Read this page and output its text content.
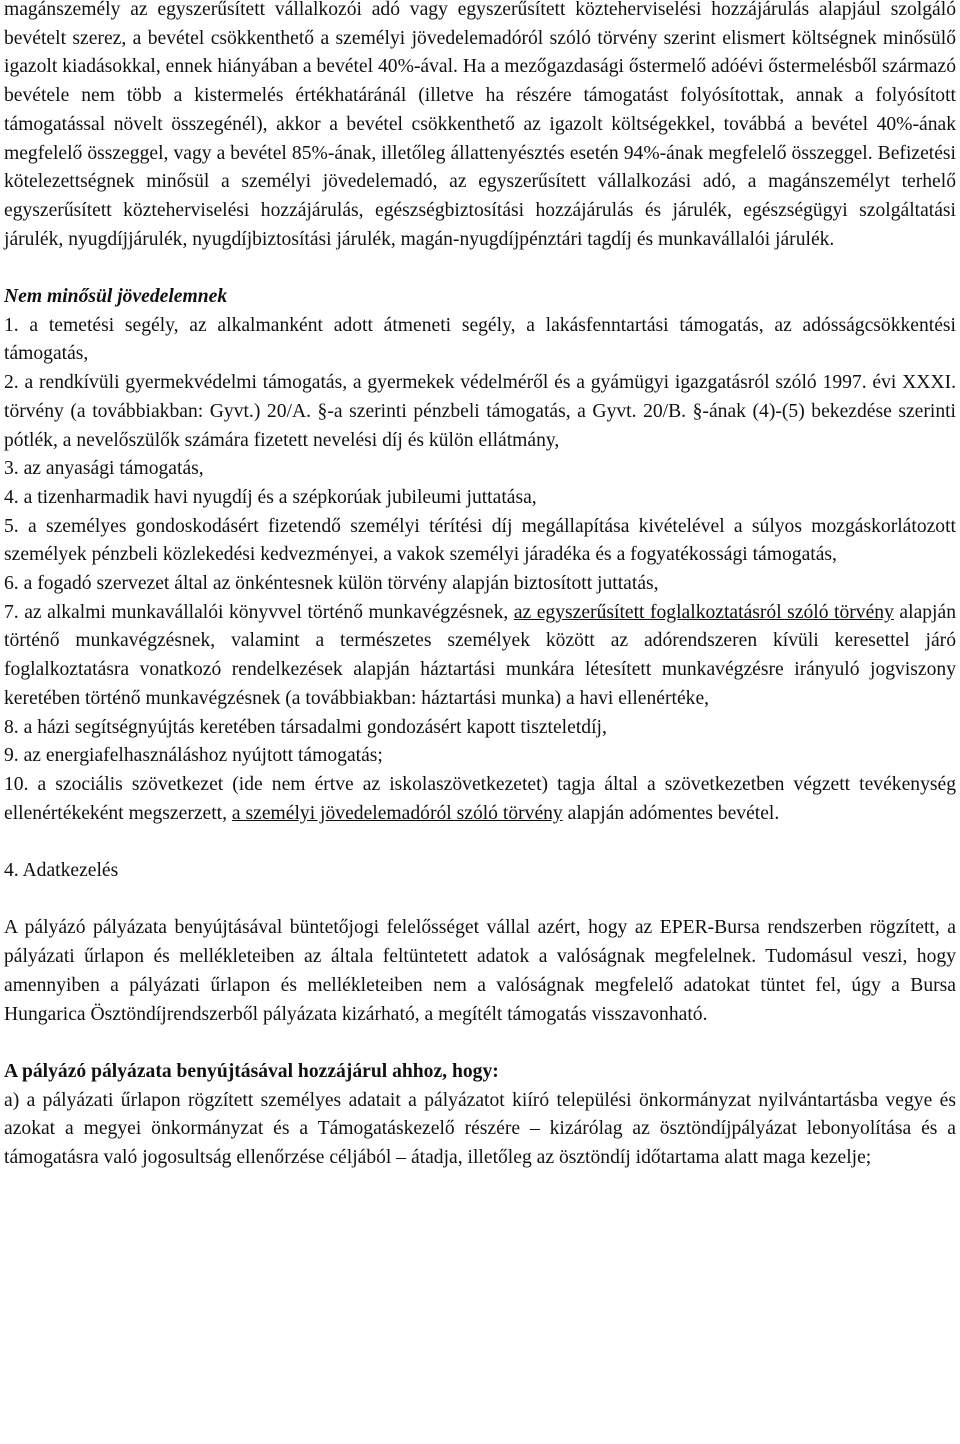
magánszemély az egyszerűsített vállalkozói adó vagy egyszerűsített közteherviselési hozzájárulás alapjául szolgáló bevételt szerez, a bevétel csökkenthető a személyi jövedelemadóról szóló törvény szerint elismert költségnek minősülő igazolt kiadásokkal, ennek hiányában a bevétel 40%-ával. Ha a mezőgazdasági őstermelő adóévi őstermelésből származó bevétele nem több a kistermelés értékhatáránál (illetve ha részére támogatást folyósítottak, annak a folyósított támogatással növelt összegénél), akkor a bevétel csökkenthető az igazolt költségekkel, továbbá a bevétel 40%-ának megfelelő összeggel, vagy a bevétel 85%-ának, illetőleg állattenyésztés esetén 94%-ának megfelelő összeggel. Befizetési kötelezettségnek minősül a személyi jövedelemadó, az egyszerűsített vállalkozási adó, a magánszemélyt terhelő egyszerűsített közteherviselési hozzájárulás, egészségbiztosítási hozzájárulás és járulék, egészségügyi szolgáltatási járulék, nyugdíjjárulék, nyugdíjbiztosítási járulék, magán-nyugdíjpénztári tagdíj és munkavállalói járulék.

Nem minősül jövedelemnek

1. a temetési segély, az alkalmanként adott átmeneti segély, a lakásfenntartási támogatás, az adósságcsökkentési támogatás,

2. a rendkívüli gyermekvédelmi támogatás, a gyermekek védelméről és a gyámügyi igazgatásról szóló 1997. évi XXXI. törvény (a továbbiakban: Gyvt.) 20/A. §-a szerinti pénzbeli támogatás, a Gyvt. 20/B. §-ának (4)-(5) bekezdése szerinti pótlék, a nevelőszülők számára fizetett nevelési díj és külön ellátmány,

3. az anyasági támogatás,

4. a tizenharmadik havi nyugdíj és a szépkorúak jubileumi juttatása,

5. a személyes gondoskodásért fizetendő személyi térítési díj megállapítása kivételével a súlyos mozgáskorlátozott személyek pénzbeli közlekedési kedvezményei, a vakok személyi járadéka és a fogyatékossági támogatás,

6. a fogadó szervezet által az önkéntesnek külön törvény alapján biztosított juttatás,

7. az alkalmi munkavállalói könyvvel történő munkavégzésnek, az egyszerűsített foglalkoztatásról szóló törvény alapján történő munkavégzésnek, valamint a természetes személyek között az adórendszeren kívüli keresettel járó foglalkoztatásra vonatkozó rendelkezések alapján háztartási munkára létesített munkavégzésre irányuló jogviszony keretében történő munkavégzésnek (a továbbiakban: háztartási munka) a havi ellenértéke,

8. a házi segítségnyújtás keretében társadalmi gondozásért kapott tiszteletdíj,

9. az energiafelhasználáshoz nyújtott támogatás;

10. a szociális szövetkezet (ide nem értve az iskolaszövetkezetet) tagja által a szövetkezetben végzett tevékenység ellenértékeként megszerzett, a személyi jövedelemadóról szóló törvény alapján adómentes bevétel.

4. Adatkezelés

A pályázó pályázata benyújtásával büntetőjogi felelősséget vállal azért, hogy az EPER-Bursa rendszerben rögzített, a pályázati űrlapon és mellékleteiben az általa feltüntetett adatok a valóságnak megfelelnek. Tudomásul veszi, hogy amennyiben a pályázati űrlapon és mellékleteiben nem a valóságnak megfelelő adatokat tüntet fel, úgy a Bursa Hungarica Ösztöndíjrendszerből pályázata kizárható, a megítélt támogatás visszavonható.

A pályázó pályázata benyújtásával hozzájárul ahhoz, hogy:

a) a pályázati űrlapon rögzített személyes adatait a pályázatot kiíró települési önkormányzat nyilvántartásba vegye és azokat a megyei önkormányzat és a Támogatáskezelő részére – kizárólag az ösztöndíjpályázat lebonyolítása és a támogatásra való jogosultság ellenőrzése céljából – átadja, illetőleg az ösztöndíj időtartama alatt maga kezelje;
